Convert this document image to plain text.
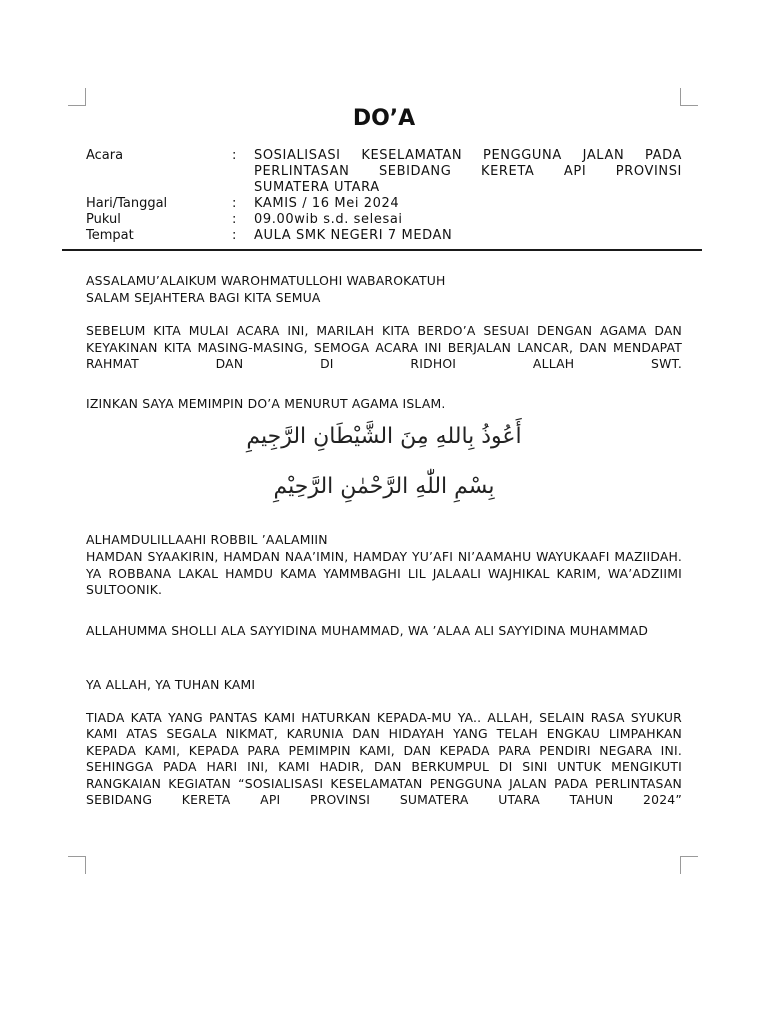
DO’A
Acara	:	SOSIALISASI KESELAMATAN PENGGUNA JALAN PADA
PERLINTASAN SEBIDANG KERETA API PROVINSI
SUMATERA UTARA
Hari/Tanggal	:	KAMIS / 16 Mei 2024
Pukul	:	09.00wib s.d. selesai
Tempat	:	AULA SMK NEGERI 7 MEDAN

ASSALAMU’ALAIKUM WAROHMATULLOHI WABAROKATUH

SALAM SEJAHTERA BAGI KITA SEMUA

SEBELUM KITA MULAI ACARA INI, MARILAH KITA BERDO’A SESUAI DENGAN AGAMA DAN KEYAKINAN KITA MASING-MASING, SEMOGA ACARA INI BERJALAN LANCAR, DAN MENDAPAT RAHMAT DAN DI RIDHOI ALLAH SWT.

IZINKAN SAYA MEMIMPIN DO’A MENURUT AGAMA ISLAM.

ALHAMDULILLAAHI ROBBIL ’AALAMIIN

HAMDAN SYAAKIRIN, HAMDAN NAA’IMIN, HAMDAY YU’AFI NI’AAMAHU WAYUKAAFI MAZIIDAH. YA ROBBANA LAKAL HAMDU KAMA YAMMBAGHI LIL JALAALI WAJHIKAL KARIM, WA’ADZIIMI SULTOONIK.

ALLAHUMMA SHOLLI ALA SAYYIDINA MUHAMMAD, WA ’ALAA ALI SAYYIDINA MUHAMMAD

YA ALLAH, YA TUHAN KAMI

TIADA KATA YANG PANTAS KAMI HATURKAN KEPADA-MU YA.. ALLAH, SELAIN RASA SYUKUR KAMI ATAS SEGALA NIKMAT, KARUNIA DAN HIDAYAH YANG TELAH ENGKAU LIMPAHKAN KEPADA KAMI, KEPADA PARA PEMIMPIN KAMI, DAN KEPADA PARA PENDIRI NEGARA INI. SEHINGGA PADA HARI INI, KAMI HADIR, DAN BERKUMPUL DI SINI UNTUK MENGIKUTI RANGKAIAN KEGIATAN “SOSIALISASI KESELAMATAN PENGGUNA JALAN PADA PERLINTASAN SEBIDANG KERETA API PROVINSI SUMATERA UTARA TAHUN 2024”

أَعُوذُ بِاللهِ مِنَ الشَّيْطَانِ الرَّجِيمِ
بِسْمِ اللّٰهِ الرَّحْمٰنِ الرَّحِيْمِ
